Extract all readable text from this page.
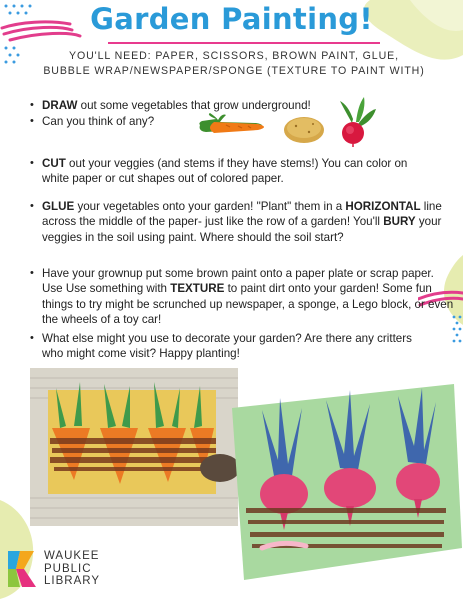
Garden Painting!
YOU'LL NEED: PAPER, SCISSORS, BROWN PAINT, GLUE,
BUBBLE WRAP/NEWSPAPER/SPONGE (TEXTURE TO PAINT WITH)
• DRAW out some vegetables that grow underground!
• Can you think of any?
• CUT out your veggies (and stems if they have stems!) You can color on white paper or cut shapes out of colored paper.
• GLUE your vegetables onto your garden! "Plant" them in a HORIZONTAL line across the middle of the paper- just like the row of a garden! You'll BURY your veggies in the soil using paint. Where should the soil start?
• Have your grownup put some brown paint onto a paper plate or scrap paper. Use Use something with TEXTURE to paint dirt onto your garden! Some fun things to try might be scrunched up newspaper, a sponge, a Lego block, or even the wheels of a toy car!
• What else might you use to decorate your garden? Are there any critters who might come visit? Happy planting!
WAUKEE
PUBLIC
LIBRARY
